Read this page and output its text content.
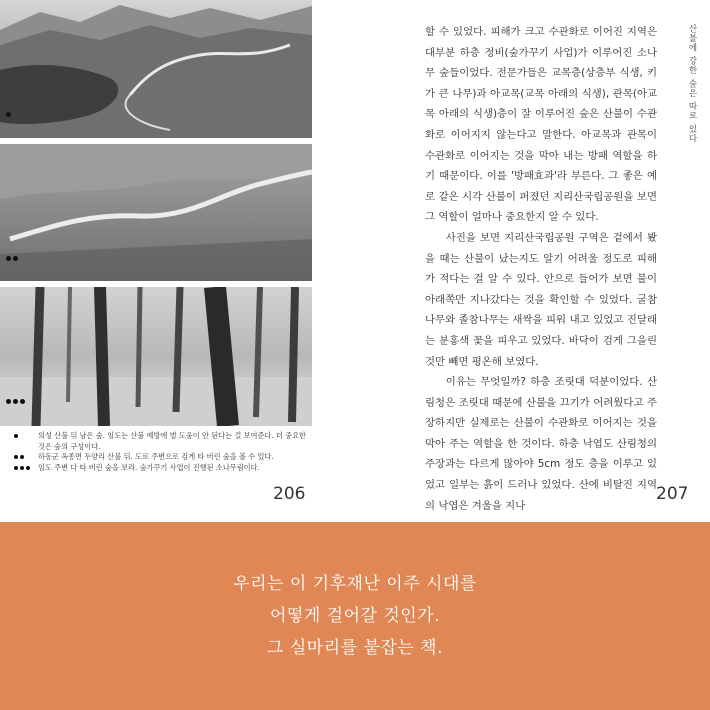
의성 산불 뒤 남은 숲. 임도는 산불 예방에 별 도움이 안 된다는 걸 보여준다. 더 중요한 것은 숲의 구성이다.
하동군 옥종면 두양리 산불 뒤. 도로 주변으로 검게 타 버린 숲을 볼 수 있다.
임도 주변 다 타 버린 숲을 보라. 숲가꾸기 사업이 진행된 소나무림이다.
206

할 수 있었다. 피해가 크고 수관화로 이어진 지역은 대부분 하층 정비(숲가꾸기 사업)가 이루어진 소나무 숲들이었다. 전문가들은 교목층(상층부 식생, 키가 큰 나무)과 아교목(교목 아래의 식생), 관목(아교목 아래의 식생)층이 잘 이루어진 숲은 산불이 수관화로 이어지지 않는다고 말한다. 아교목과 관목이 수관화로 이어지는 것을 막아 내는 방패 역할을 하기 때문이다. 이를 '방패효과'라 부른다. 그 좋은 예로 같은 시각 산불이 퍼졌던 지리산국립공원을 보면 그 역할이 얼마나 중요한지 알 수 있다.

사진을 보면 지리산국립공원 구역은 겉에서 봤을 때는 산불이 났는지도 알기 어려울 정도로 피해가 적다는 걸 알 수 있다. 안으로 들어가 보면 불이 아래쪽만 지나갔다는 것을 확인할 수 있었다. 굴참나무와 졸참나무는 새싹을 피워 내고 있었고 진달래는 분홍색 꽃을 피우고 있었다. 바닥이 검게 그을린 것만 빼면 평온해 보였다.

이유는 무엇일까? 하층 조릿대 덕분이었다. 산림청은 조릿대 때문에 산불을 끄기가 어려웠다고 주장하지만 실제로는 산불이 수관화로 이어지는 것을 막아 주는 역할을 한 것이다. 하층 낙엽도 산림청의 주장과는 다르게 많아야 5cm 정도 층을 이루고 있었고 일부는 흙이 드러나 있었다. 산에 비탈진 지역의 낙엽은 겨울을 지나

산불에 강한 숲은 따로 있다
207
우리는 이 기후재난 이주 시대를
어떻게 걸어갈 것인가.
그 실마리를 붙잡는 책.
